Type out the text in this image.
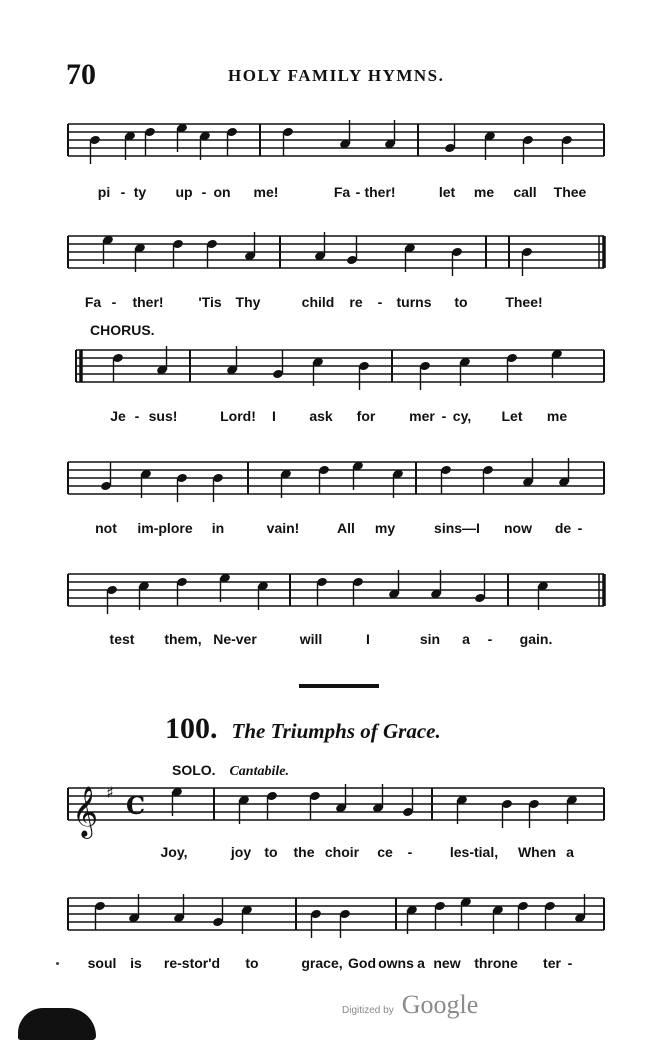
70	HOLY FAMILY HYMNS.
pi - ty up - on me!	Fa - ther!	let me call Thee
Fa - ther! 'Tis Thy	child re - turns to	Thee!
CHORUS.
Je - sus!	Lord! I ask for mer - cy, Let me
not im-plore in	vain!	All my	sins—I now de -
test them, Ne-ver	will	I	sin a - gain.
100. The Triumphs of Grace.
SOLO. Cantabile.
𝄞 ♯ C
Joy,	joy to the choir ce -	les-tial, When a
soul is re-stor'd to	grace, God owns a new throne ter -
Digitized by Google
